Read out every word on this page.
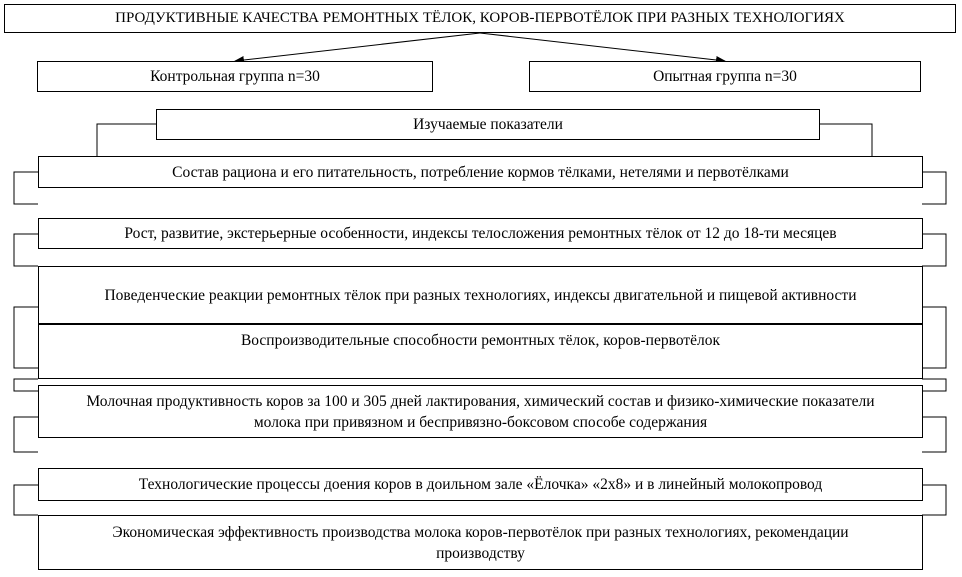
ПРОДУКТИВНЫЕ КАЧЕСТВА РЕМОНТНЫХ ТЁЛОК, КОРОВ-ПЕРВОТЁЛОК ПРИ РАЗНЫХ ТЕХНОЛОГИЯХ
Контрольная группа n=30	Опытная группа n=30
Изучаемые показатели
Состав рациона и его питательность, потребление кормов тёлками, нетелями и первотёлками
Рост, развитие, экстерьерные особенности, индексы телосложения ремонтных тёлок от 12 до 18-ти месяцев
Поведенческие реакции ремонтных тёлок при разных технологиях, индексы двигательной и пищевой активности
Воспроизводительные способности ремонтных тёлок, коров-первотёлок
Молочная продуктивность коров за 100 и 305 дней лактирования, химический состав и физико-химические показатели молока при привязном и беспривязно-боксовом способе содержания
Технологические процессы доения коров в доильном зале «Ёлочка» «2х8» и в линейный молокопровод
Экономическая эффективность производства молока коров-первотёлок при разных технологиях, рекомендации производству
